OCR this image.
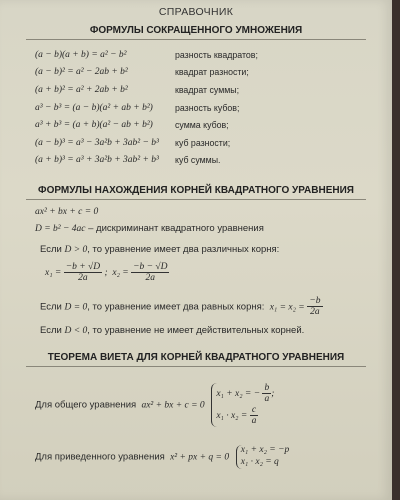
СПРАВОЧНИК
ФОРМУЛЫ СОКРАЩЕННОГО УМНОЖЕНИЯ
(a − b)(a + b) = a² − b²	разность квадратов;
(a − b)² = a² − 2ab + b²	квадрат разности;
(a + b)² = a² + 2ab + b²	квадрат суммы;
a³ − b³ = (a − b)(a² + ab + b²)	разность кубов;
a³ + b³ = (a + b)(a² − ab + b²)	сумма кубов;
(a − b)³ = a³ − 3a²b + 3ab² − b³	куб разности;
(a + b)³ = a³ + 3a²b + 3ab² + b³	куб суммы.
ФОРМУЛЫ НАХОЖДЕНИЯ КОРНЕЙ КВАДРАТНОГО УРАВНЕНИЯ
ax² + bx + c = 0
D = b² − 4ac – дискриминант квадратного уравнения
Если D > 0, то уравнение имеет два различных корня:
$x_1 = \frac{-b + √D}{2a}$ ; $x_2 = \frac{-b - √D}{2a}$
Если D = 0, то уравнение имеет два равных корня: $x_1 = x_2 = \frac{-b}{2a}$
Если D < 0, то уравнение не имеет действительных корней.
ТЕОРЕМА ВИЕТА ДЛЯ КОРНЕЙ КВАДРАТНОГО УРАВНЕНИЯ
Для общего уравнения ax² + bx + c = 0
x₁ + x₂ = − $\frac{b}{a}$ ;
$x_1 \cdot x_2 = \frac{c}{a}$
Для приведенного уравнения x² + px + q = 0
x₁ + x₂ = −p
x₁ · x₂ = q
